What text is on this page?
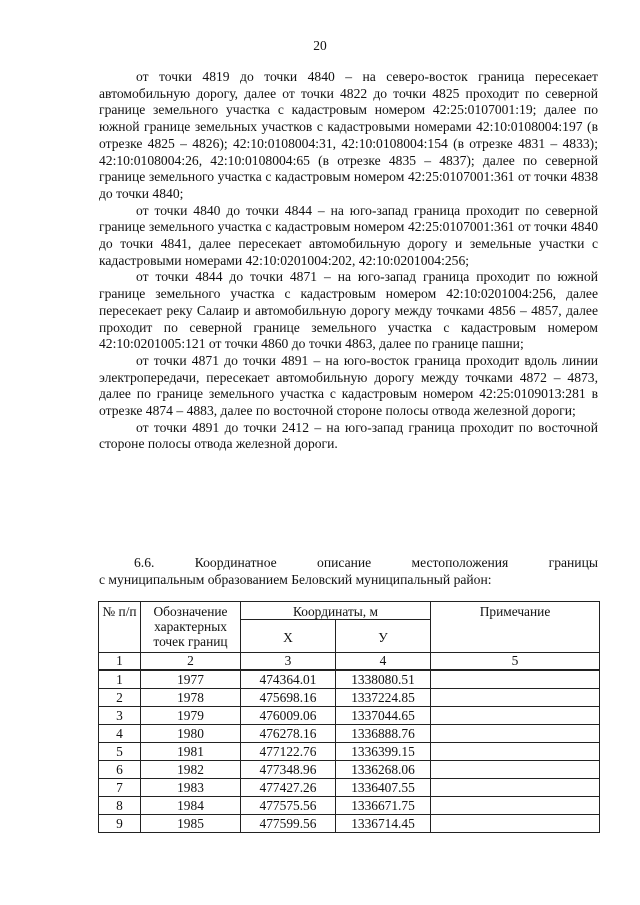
20

от точки 4819 до точки 4840 – на северо-восток граница пересекает автомобильную дорогу, далее от точки 4822 до точки 4825 проходит по северной границе земельного участка с кадастровым номером 42:25:0107001:19; далее по южной границе земельных участков с кадастровыми номерами 42:10:0108004:197 (в отрезке 4825 – 4826); 42:10:0108004:31, 42:10:0108004:154 (в отрезке 4831 – 4833); 42:10:0108004:26, 42:10:0108004:65 (в отрезке 4835 – 4837); далее по северной границе земельного участка с кадастровым номером 42:25:0107001:361 от точки 4838 до точки 4840;

от точки 4840 до точки 4844 – на юго-запад граница проходит по северной границе земельного участка с кадастровым номером 42:25:0107001:361 от точки 4840 до точки 4841, далее пересекает автомобильную дорогу и земельные участки с кадастровыми номерами 42:10:0201004:202, 42:10:0201004:256;

от точки 4844 до точки 4871 – на юго-запад граница проходит по южной границе земельного участка с кадастровым номером 42:10:0201004:256, далее пересекает реку Салаир и автомобильную дорогу между точками 4856 – 4857, далее проходит по северной границе земельного участка с кадастровым номером 42:10:0201005:121 от точки 4860 до точки 4863, далее по границе пашни;

от точки 4871 до точки 4891 – на юго-восток граница проходит вдоль линии электропередачи, пересекает автомобильную дорогу между точками 4872 – 4873, далее по границе земельного участка с кадастровым номером 42:25:0109013:281 в отрезке 4874 – 4883, далее по восточной стороне полосы отвода железной дороги;

от точки 4891 до точки 2412 – на юго-запад граница проходит по восточной стороне полосы отвода железной дороги.

6.6.	Координатное описание местоположения границы

с муниципальным образованием Беловский муниципальный район:

№ п/п	Обозначение характерных точек границ	Координаты, м		Примечание
		X	У	
1	2	3	4	5
1	1977	474364.01	1338080.51	
2	1978	475698.16	1337224.85	
3	1979	476009.06	1337044.65	
4	1980	476278.16	1336888.76	
5	1981	477122.76	1336399.15	
6	1982	477348.96	1336268.06	
7	1983	477427.26	1336407.55	
8	1984	477575.56	1336671.75	
9	1985	477599.56	1336714.45	
